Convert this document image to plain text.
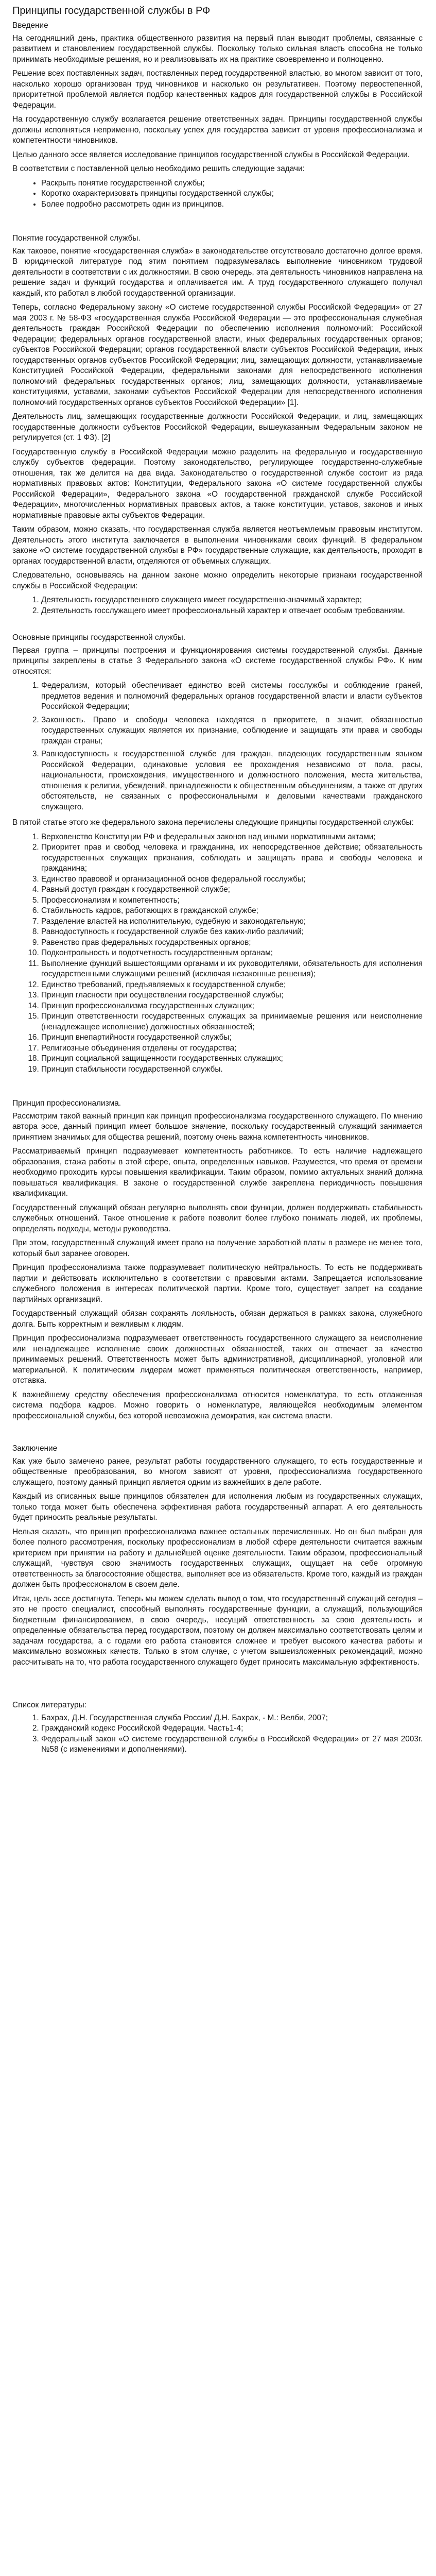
Принципы государственной службы в РФ
Введение

На сегодняшний день, практика общественного развития на первый план выводит проблемы, связанные с развитием и становлением государственной службы. Поскольку только сильная власть способна не только принимать необходимые решения, но и реализовывать их на практике своевременно и полноценно.

Решение всех поставленных задач, поставленных перед государственной властью, во многом зависит от того, насколько хорошо организован труд чиновников и насколько он результативен. Поэтому первостепенной, приоритетной проблемой является подбор качественных кадров для государственной службы в Российской Федерации.

На государственную службу возлагается решение ответственных задач. Принципы государственной службы должны исполняться неприменно, поскольку успех для государства зависит от уровня профессионализма и компетентности чиновников.

Целью данного эссе является исследование принципов государственной службы в Российской Федерации.

В соответствии с поставленной целью необходимо решить следующие задачи:

• Раскрыть понятие государственной службы;
• Коротко охарактеризовать принципы государственной службы;
• Более подробно рассмотреть один из принципов.
Понятие государственной службы.

Как таковое, понятие «государственная служба» в законодательстве отсутствовало достаточно долгое время. В юридической литературе под этим понятием подразумевалась выполнение чиновником трудовой деятельности в соответствии с их должностями. В свою очередь, эта деятельность чиновников направлена на решение задач и функций государства и оплачивается им. А труд государственного служащего получал каждый, кто работал в любой государственной организации.

Теперь, согласно Федеральному закону «О системе государственной службы Российской Федерации» от 27 мая 2003 г. № 58-ФЗ «государственная служба Российской Федерации — это профессиональная служебная деятельность граждан Российской Федерации по обеспечению исполнения полномочий: Российской Федерации; федеральных органов государственной власти, иных федеральных государственных органов; субъектов Российской Федерации; органов государственной власти субъектов Российской Федерации, иных государственных органов субъектов Российской Федерации; лиц, замещающих должности, устанавливаемые Конституцией Российской Федерации, федеральными законами для непосредственного исполнения полномочий федеральных государственных органов; лиц, замещающих должности, устанавливаемые конституциями, уставами, законами субъектов Российской Федерации для непосредственного исполнения полномочий государственных органов субъектов Российской Федерации» [1].

Деятельность лиц, замещающих государственные должности Российской Федерации, и лиц, замещающих государственные должности субъектов Российской Федерации, вышеуказанным Федеральным законом не регулируется (ст. 1 ФЗ). [2]

Государственную службу в Российской Федерации можно разделить на федеральную и государственную службу субъектов федерации. Поэтому законодательство, регулирующее государственно-служебные отношения, так же делится на два вида. Законодательство о государственной службе состоит из ряда нормативных правовых актов: Конституции, Федерального закона «О системе государственной службы Российской Федерации», Федерального закона «О государственной гражданской службе Российской Федерации», многочисленных нормативных правовых актов, а также конституции, уставов, законов и иных нормативные правовые акты субъектов Федерации.

Таким образом, можно сказать, что государственная служба является неотъемлемым правовым институтом. Деятельность этого института заключается в выполнении чиновниками своих функций. В федеральном законе «О системе государственной службы в РФ» государственные служащие, как деятельность, проходят в органах государственной власти, отделяются от объемных служащих.

Следовательно, основываясь на данном законе можно определить некоторые признаки государственной службы в Российской Федерации:

1. Деятельность государственного служащего имеет государственно-значимый характер;
2. Деятельность госслужащего имеет профессиональный характер и отвечает особым требованиям.
Основные принципы государственной службы.

Первая группа – принципы построения и функционирования системы государственной службы. Данные принципы закреплены в статье 3 Федерального закона «О системе государственной службы РФ». К ним относятся:

1. Федерализм, который обеспечивает единство всей системы госслужбы и соблюдение граней, предметов ведения и полномочий федеральных органов государственной власти и власти субъектов Российской Федерации;
2. Законность. Право и свободы человека находятся в приоритете, в значит, обязанностью государственных служащих является их признание, соблюдение и защищать эти права и свободы граждан страны;
3. Равнодоступность к государственной службе для граждан, владеющих государственным языком Российской Федерации, одинаковые условия ее прохождения независимо от пола, расы, национальности, происхождения, имущественного и должностного положения, места жительства, отношения к религии, убеждений, принадлежности к общественным объединениям, а также от других обстоятельств, не связанных с профессиональными и деловыми качествами гражданского служащего.

В пятой статье этого же федерального закона перечислены следующие принципы государственной службы:

1. Верховенство Конституции РФ и федеральных законов над иными нормативными актами;
2. Приоритет прав и свобод человека и гражданина, их непосредственное действие; обязательность государственных служащих признания, соблюдать и защищать права и свободы человека и гражданина;
3. Единство правовой и организационной основ федеральной госслужбы;
4. Равный доступ граждан к государственной службе;
5. Профессионализм и компетентность;
6. Стабильность кадров, работающих в гражданской службе;
7. Разделение властей на исполнительную, судебную и законодательную;
8. Равнодоступность к государственной службе без каких-либо различий;
9. Равенство прав федеральных государственных органов;
10. Подконтрольность и подотчетность государственным органам;
11. Выполнение функций вышестоящими органами и их руководителями, обязательность для исполнения государственными служащими решений (исключая незаконные решения);
12. Единство требований, предъявляемых к государственной службе;
13. Принцип гласности при осуществлении государственной службы;
14. Принцип профессионализма государственных служащих;
15. Принцип ответственности государственных служащих за принимаемые решения или неисполнение (ненадлежащее исполнение) должностных обязанностей;
16. Принцип внепартийности государственной службы;
17. Религиозные объединения отделены от государства;
18. Принцип социальной защищенности государственных служащих;
19. Принцип стабильности государственной службы.
Принцип профессионализма.

Рассмотрим такой важный принцип как принцип профессионализма государственного служащего. По мнению автора эссе, данный принцип имеет большое значение, поскольку государственный служащий занимается принятием значимых для общества решений, поэтому очень важна компетентность чиновников.

Рассматриваемый принцип подразумевает компетентность работников. То есть наличие надлежащего образования, стажа работы в этой сфере, опыта, определенных навыков. Разумеется, что время от времени необходимо проходить курсы повышения квалификации. Таким образом, помимо актуальных знаний должна повышаться квалификация. В законе о государственной службе закреплена периодичность повышения квалификации.

Государственный служащий обязан регулярно выполнять свои функции, должен поддерживать стабильность служебных отношений. Такое отношение к работе позволит более глубоко понимать людей, их проблемы, определять подходы, методы руководства.

При этом, государственный служащий имеет право на получение заработной платы в размере не менее того, который был заранее оговорен.

Принцип профессионализма также подразумевает политическую нейтральность. То есть не поддерживать партии и действовать исключительно в соответствии с правовыми актами. Запрещается использование служебного положения в интересах политической партии. Кроме того, существует запрет на создание партийных организаций.

Государственный служащий обязан сохранять лояльность, обязан держаться в рамках закона, служебного долга. Быть корректным и вежливым к людям.

Принцип профессионализма подразумевает ответственность государственного служащего за неисполнение или ненадлежащее исполнение своих должностных обязанностей, таких он отвечает за качество принимаемых решений. Ответственность может быть административной, дисциплинарной, уголовной или материальной. К политическим лидерам может применяться политическая ответственность, например, отставка.

К важнейшему средству обеспечения профессионализма относится номенклатура, то есть отлаженная система подбора кадров. Можно говорить о номенклатуре, являющейся необходимым элементом профессиональной службы, без которой невозможна демократия, как система власти.

Заключение

Как уже было замечено ранее, результат работы государственного служащего, то есть государственные и общественные преобразования, во многом зависят от уровня, профессионализма государственного служащего, поэтому данный принцип является одним из важнейших в деле работе.

Каждый из описанных выше принципов обязателен для исполнения любым из государственных служащих, только тогда может быть обеспечена эффективная работа государственный аппарат. А его деятельность будет приносить реальные результаты.

Нельзя сказать, что принцип профессионализма важнее остальных перечисленных. Но он был выбран для более полного рассмотрения, поскольку профессионализм в любой сфере деятельности считается важным критерием при принятии на работу и дальнейшей оценке деятельности. Таким образом, профессиональный служащий, чувствуя свою значимость государственных служащих, ощущает на себе огромную ответственность за благосостояние общества, выполняет все из обязательств. Кроме того, каждый из граждан должен быть профессионалом в своем деле.

Итак, цель эссе достигнута. Теперь мы можем сделать вывод о том, что государственный служащий сегодня – это не просто специалист, способный выполнять государственные функции, а служащий, пользующийся бюджетным финансированием, в свою очередь, несущий ответственность за свою деятельность и определенные обязательства перед государством, поэтому он должен максимально соответствовать целям и задачам государства, а с годами его работа становится сложнее и требует высокого качества работы и максимально возможных качеств. Только в этом случае, с учетом вышеизложенных рекомендаций, можно рассчитывать на то, что работа государственного служащего будет приносить максимальную эффективность.

Список литературы:
1. Бахрах, Д.Н. Государственная служба России/ Д.Н. Бахрах, - М.: Велби, 2007;
2. Гражданский кодекс Российской Федерации. Часть1-4;
3. Федеральный закон «О системе государственной службы в Российской Федерации» от 27 мая 2003г. №58 (с изменениями и дополнениями).
